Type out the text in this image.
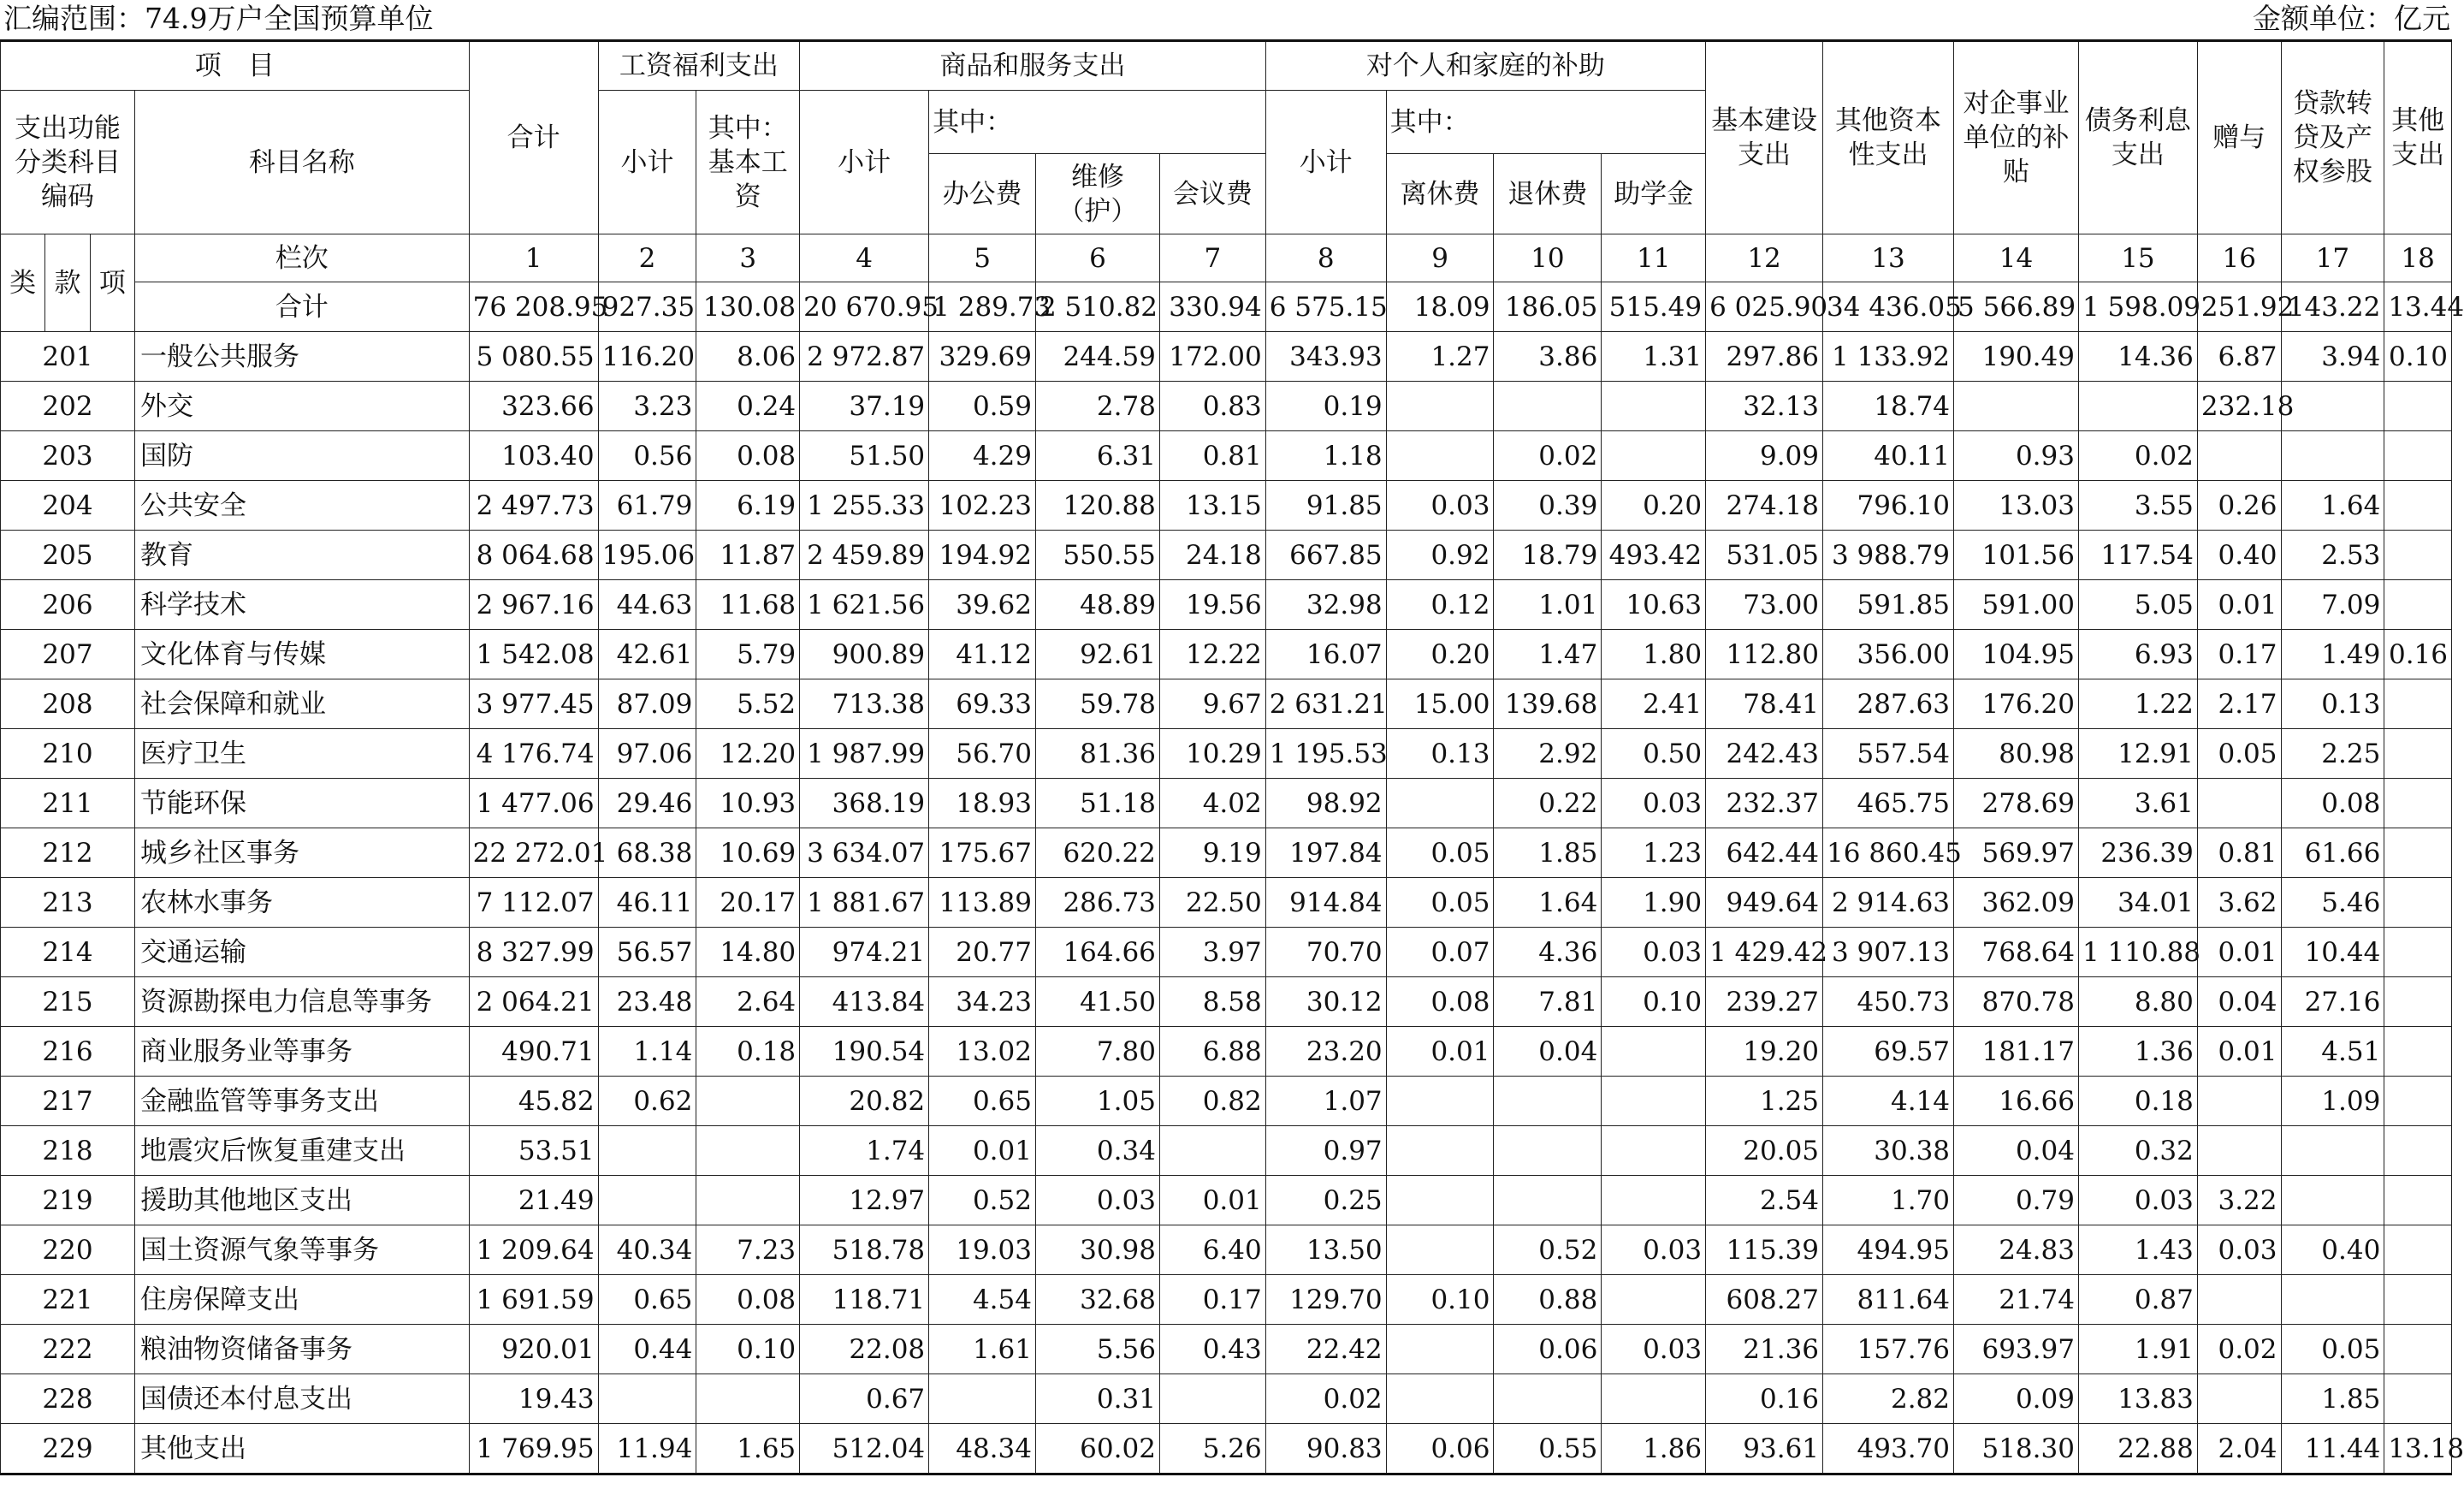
汇编范围：74.9万户全国预算单位	金额单位：亿元
项　目				合计	工资福利支出		商品和服务支出				对个人和家庭的补助				基本建设支出	其他资本性支出	对企事业单位的补贴	债务利息支出	赠与	贷款转贷及产权参股	其他支出
支出功能分类科目编码			科目名称		小计	其中：基本工资	小计	其中：			小计	其中：									
								办公费	维修（护）	会议费		离休费	退休费	助学金							
类	款	项	栏次	1	2	3	4	5	6	7	8	9	10	11	12	13	14	15	16	17	18
			合计	76 208.95	927.35	130.08	20 670.95	1 289.73	2 510.82	330.94	6 575.15	18.09	186.05	515.49	6 025.90	34 436.05	5 566.89	1 598.09	251.92	143.22	13.44
201			一般公共服务	5 080.55	116.20	8.06	2 972.87	329.69	244.59	172.00	343.93	1.27	3.86	1.31	297.86	1 133.92	190.49	14.36	6.87	3.94	0.10
202			外交	323.66	3.23	0.24	37.19	0.59	2.78	0.83	0.19				32.13	18.74			232.18		
203			国防	103.40	0.56	0.08	51.50	4.29	6.31	0.81	1.18		0.02		9.09	40.11	0.93	0.02			
204			公共安全	2 497.73	61.79	6.19	1 255.33	102.23	120.88	13.15	91.85	0.03	0.39	0.20	274.18	796.10	13.03	3.55	0.26	1.64	
205			教育	8 064.68	195.06	11.87	2 459.89	194.92	550.55	24.18	667.85	0.92	18.79	493.42	531.05	3 988.79	101.56	117.54	0.40	2.53	
206			科学技术	2 967.16	44.63	11.68	1 621.56	39.62	48.89	19.56	32.98	0.12	1.01	10.63	73.00	591.85	591.00	5.05	0.01	7.09	
207			文化体育与传媒	1 542.08	42.61	5.79	900.89	41.12	92.61	12.22	16.07	0.20	1.47	1.80	112.80	356.00	104.95	6.93	0.17	1.49	0.16
208			社会保障和就业	3 977.45	87.09	5.52	713.38	69.33	59.78	9.67	2 631.21	15.00	139.68	2.41	78.41	287.63	176.20	1.22	2.17	0.13	
210			医疗卫生	4 176.74	97.06	12.20	1 987.99	56.70	81.36	10.29	1 195.53	0.13	2.92	0.50	242.43	557.54	80.98	12.91	0.05	2.25	
211			节能环保	1 477.06	29.46	10.93	368.19	18.93	51.18	4.02	98.92		0.22	0.03	232.37	465.75	278.69	3.61		0.08	
212			城乡社区事务	22 272.01	68.38	10.69	3 634.07	175.67	620.22	9.19	197.84	0.05	1.85	1.23	642.44	16 860.45	569.97	236.39	0.81	61.66	
213			农林水事务	7 112.07	46.11	20.17	1 881.67	113.89	286.73	22.50	914.84	0.05	1.64	1.90	949.64	2 914.63	362.09	34.01	3.62	5.46	
214			交通运输	8 327.99	56.57	14.80	974.21	20.77	164.66	3.97	70.70	0.07	4.36	0.03	1 429.42	3 907.13	768.64	1 110.88	0.01	10.44	
215			资源勘探电力信息等事务	2 064.21	23.48	2.64	413.84	34.23	41.50	8.58	30.12	0.08	7.81	0.10	239.27	450.73	870.78	8.80	0.04	27.16	
216			商业服务业等事务	490.71	1.14	0.18	190.54	13.02	7.80	6.88	23.20	0.01	0.04		19.20	69.57	181.17	1.36	0.01	4.51	
217			金融监管等事务支出	45.82	0.62		20.82	0.65	1.05	0.82	1.07				1.25	4.14	16.66	0.18		1.09	
218			地震灾后恢复重建支出	53.51			1.74	0.01	0.34		0.97				20.05	30.38	0.04	0.32			
219			援助其他地区支出	21.49			12.97	0.52	0.03	0.01	0.25				2.54	1.70	0.79	0.03	3.22		
220			国土资源气象等事务	1 209.64	40.34	7.23	518.78	19.03	30.98	6.40	13.50		0.52	0.03	115.39	494.95	24.83	1.43	0.03	0.40	
221			住房保障支出	1 691.59	0.65	0.08	118.71	4.54	32.68	0.17	129.70	0.10	0.88		608.27	811.64	21.74	0.87			
222			粮油物资储备事务	920.01	0.44	0.10	22.08	1.61	5.56	0.43	22.42		0.06	0.03	21.36	157.76	693.97	1.91	0.02	0.05	
228			国债还本付息支出	19.43			0.67		0.31		0.02				0.16	2.82	0.09	13.83		1.85	
229			其他支出	1 769.95	11.94	1.65	512.04	48.34	60.02	5.26	90.83	0.06	0.55	1.86	93.61	493.70	518.30	22.88	2.04	11.44	13.18
